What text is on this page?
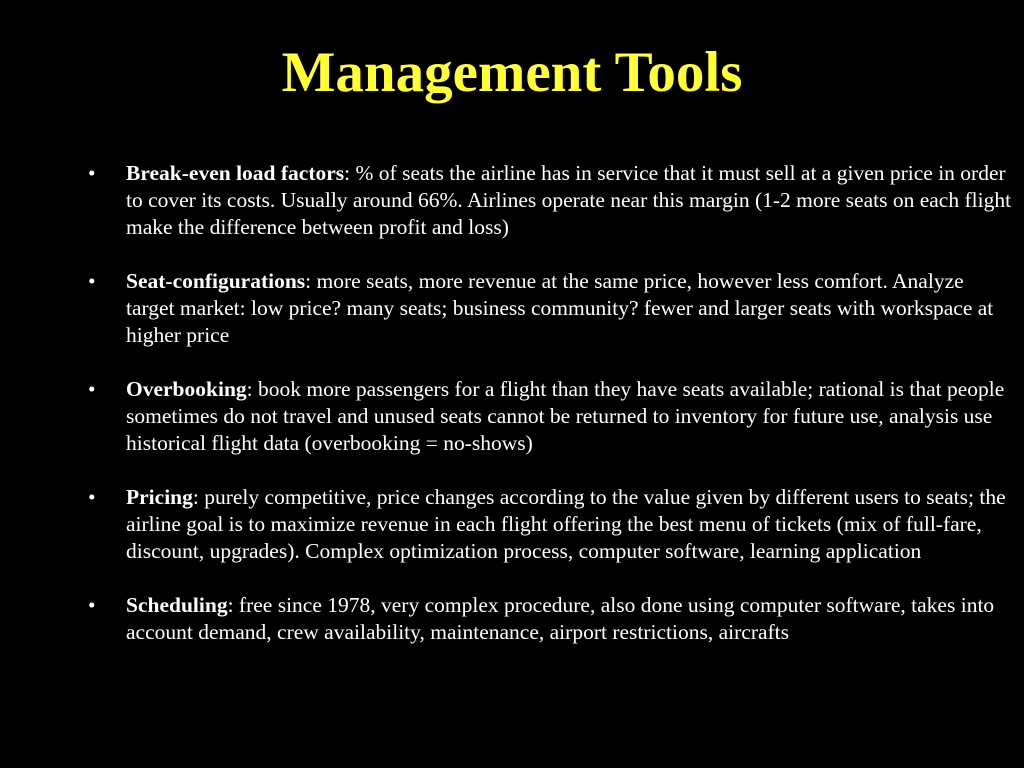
Management Tools
• Break-even load factors: % of seats the airline has in service that it must sell at a given price in order to cover its costs. Usually around 66%. Airlines operate near this margin (1-2 more seats on each flight make the difference between profit and loss)
• Seat-configurations: more seats, more revenue at the same price, however less comfort. Analyze target market: low price? many seats; business community? fewer and larger seats with workspace at higher price
• Overbooking: book more passengers for a flight than they have seats available; rational is that people sometimes do not travel and unused seats cannot be returned to inventory for future use, analysis use historical flight data (overbooking = no-shows)
• Pricing: purely competitive, price changes according to the value given by different users to seats; the airline goal is to maximize revenue in each flight offering the best menu of tickets (mix of full-fare, discount, upgrades). Complex optimization process, computer software, learning application
• Scheduling: free since 1978, very complex procedure, also done using computer software, takes into account demand, crew availability, maintenance, airport restrictions, aircrafts
